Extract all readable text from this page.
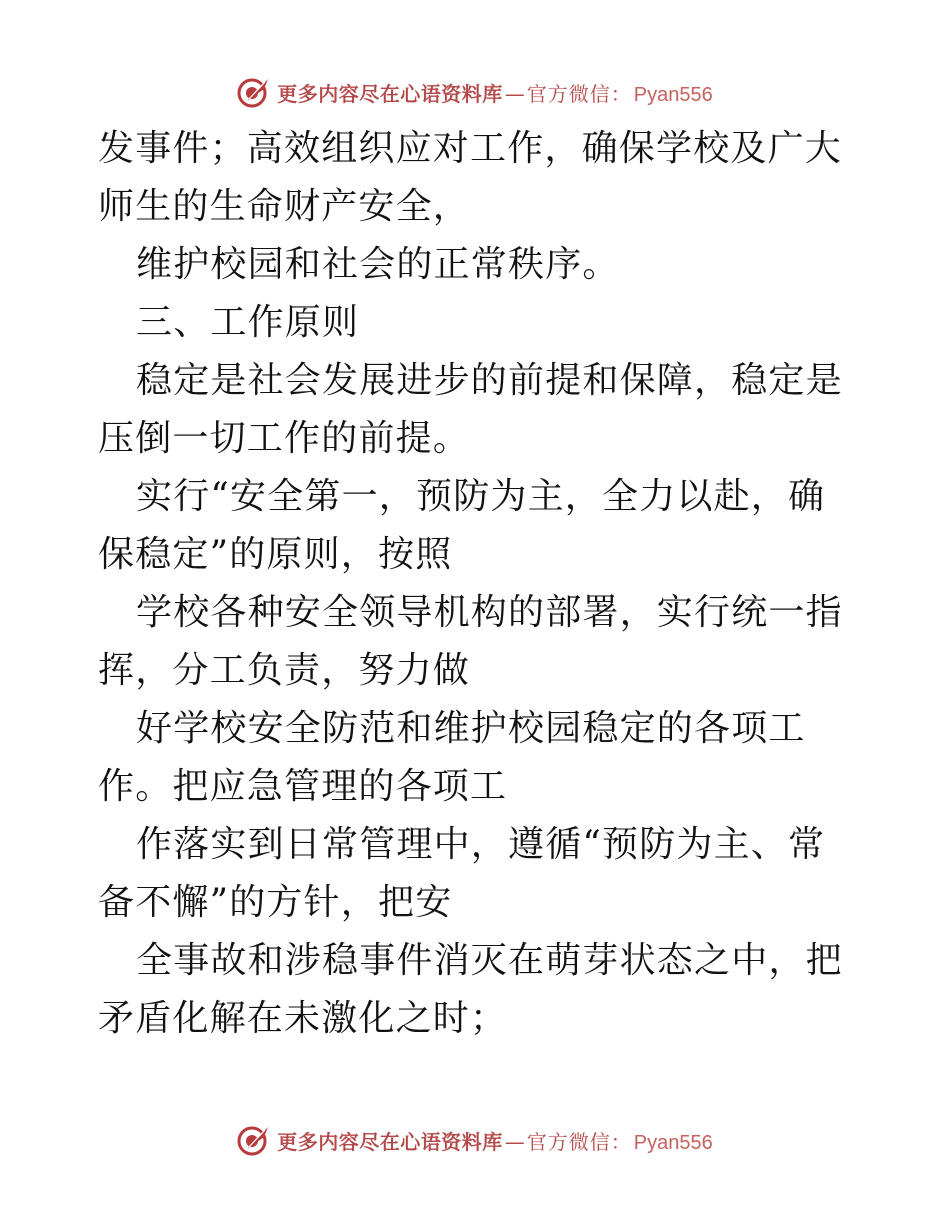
更多内容尽在心语资料库 — 官方微信： Pyan556

发事件；高效组织应对工作，确保学校及广大师生的生命财产安全，

维护校园和社会的正常秩序。

三、工作原则

稳定是社会发展进步的前提和保障，稳定是压倒一切工作的前提。

实行“安全第一，预防为主，全力以赴，确保稳定”的原则，按照

学校各种安全领导机构的部署，实行统一指挥，分工负责，努力做

好学校安全防范和维护校园稳定的各项工作。把应急管理的各项工

作落实到日常管理中，遵循“预防为主、常备不懈”的方针，把安

全事故和涉稳事件消灭在萌芽状态之中，把矛盾化解在未激化之时；

更多内容尽在心语资料库 — 官方微信： Pyan556
